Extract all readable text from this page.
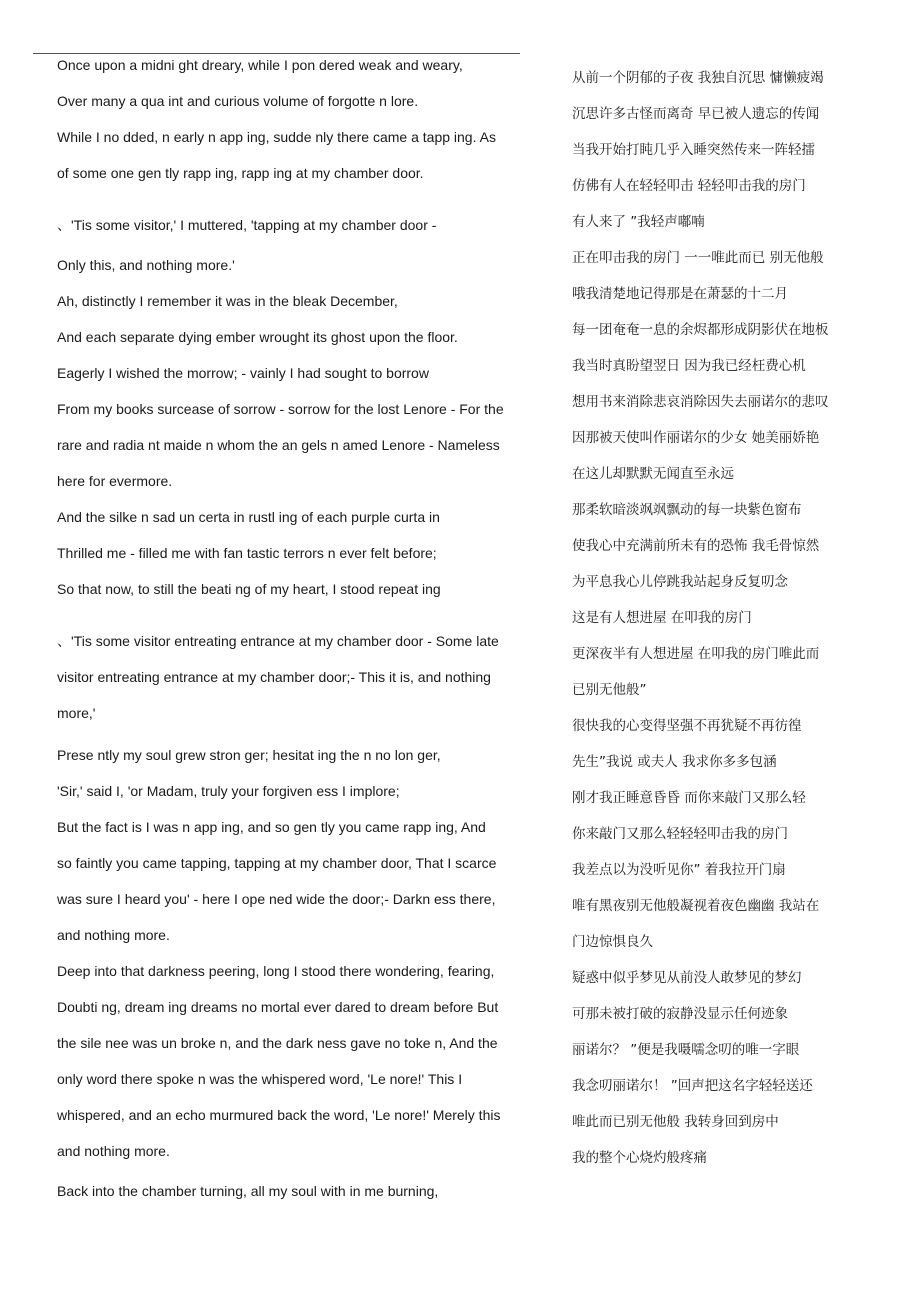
Once upon a midni ght dreary, while I pon dered weak and weary,
Over many a qua int and curious volume of forgotte n lore.
While I no dded, n early n app ing, sudde nly there came a tapp ing. As
of some one gen tly rapp ing, rapp ing at my chamber door.
、'Tis some visitor,' I muttered, 'tapping at my chamber door -
Only this, and nothing more.'
Ah, distinctly I remember it was in the bleak December,
And each separate dying ember wrought its ghost upon the floor.
Eagerly I wished the morrow; - vainly I had sought to borrow
From my books surcease of sorrow - sorrow for the lost Lenore - For the
rare and radia nt maide n whom the an gels n amed Lenore - Nameless
here for evermore.
And the silke n sad un certa in rustl ing of each purple curta in
Thrilled me - filled me with fan tastic terrors n ever felt before;
So that now, to still the beati ng of my heart, I stood repeat ing
、'Tis some visitor entreating entrance at my chamber door - Some late
visitor entreating entrance at my chamber door;- This it is, and nothing
more,'
Prese ntly my soul grew stron ger; hesitat ing the n no lon ger,
'Sir,' said I, 'or Madam, truly your forgiven ess I implore;
But the fact is I was n app ing, and so gen tly you came rapp ing, And
so faintly you came tapping, tapping at my chamber door, That I scarce
was sure I heard you' - here I ope ned wide the door;- Darkn ess there,
and nothing more.
Deep into that darkness peering, long I stood there wondering, fearing,
Doubti ng, dream ing dreams no mortal ever dared to dream before But
the sile nee was un broke n, and the dark ness gave no toke n, And the
only word there spoke n was the whispered word, 'Le nore!' This I
whispered, and an echo murmured back the word, 'Le nore!' Merely this
and nothing more.
Back into the chamber turning, all my soul with in me burning,
从前一个阴郁的子夜 我独自沉思 慵懒疲竭
沉思许多古怪而离奇 早已被人遗忘的传闻
当我开始打盹几乎入睡突然传来一阵轻擂
仿佛有人在轻轻叩击 轻轻叩击我的房门
有人来了 ”我轻声嘟喃
正在叩击我的房门 一一唯此而已 别无他般
哦我清楚地记得那是在萧瑟的十二月
每一团奄奄一息的余烬都形成阴影伏在地板
我当时真盼望翌日 因为我已经枉费心机
想用书来消除悲哀消除因失去丽诺尔的悲叹
因那被天使叫作丽诺尔的少女 她美丽娇艳
在这儿却默默无闻直至永远
那柔软暗淡飒飒飘动的每一块紫色窗布
使我心中充满前所未有的恐怖 我毛骨惊然
为平息我心儿停跳我站起身反复叨念
这是有人想进屋 在叩我的房门
更深夜半有人想进屋 在叩我的房门唯此而
已别无他般”
很快我的心变得坚强不再犹疑不再彷徨
先生”我说 或夫人 我求你多多包涵
刚才我正睡意昏昏 而你来敲门又那么轻
你来敲门又那么轻轻轻叩击我的房门
我差点以为没听见你” 着我拉开门扇
唯有黑夜别无他般凝视着夜色幽幽 我站在
门边惊惧良久
疑惑中似乎梦见从前没人敢梦见的梦幻
可那未被打破的寂静没显示任何迹象
丽诺尔？ ”便是我嗫嚅念叨的唯一字眼
我念叨丽诺尔！ ”回声把这名字轻轻送还
唯此而已别无他般 我转身回到房中
我的整个心烧灼般疼痛
